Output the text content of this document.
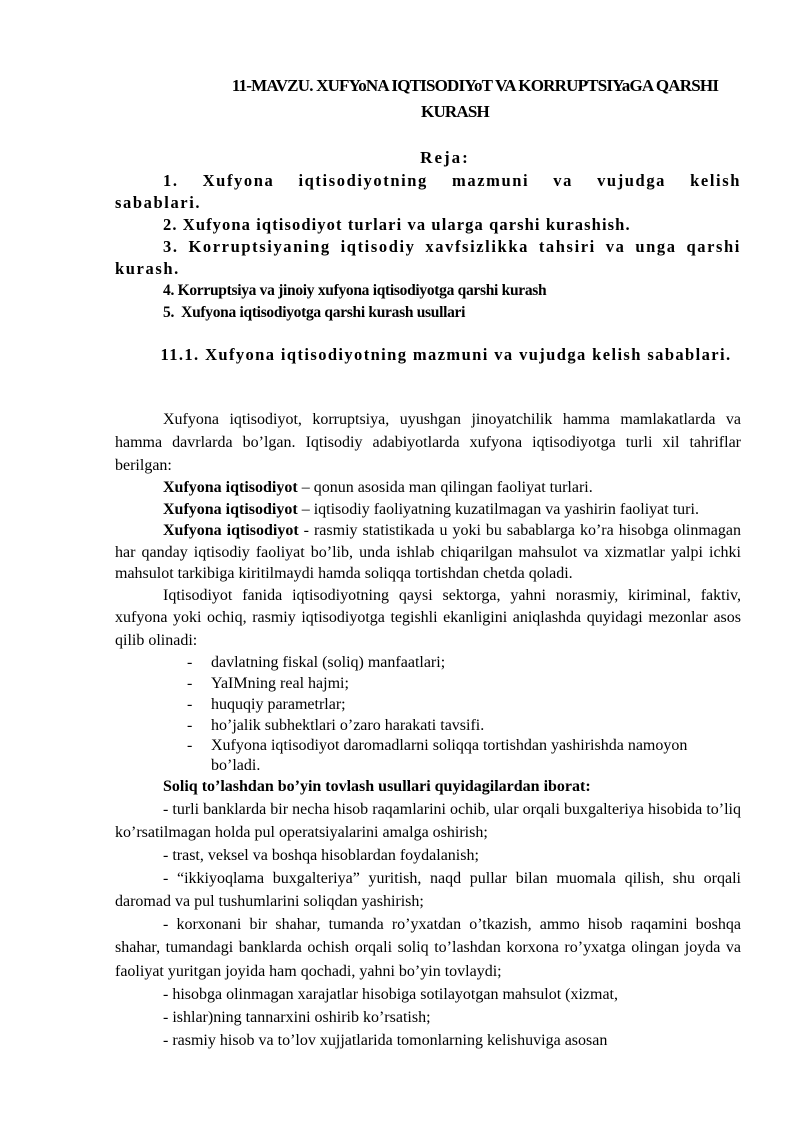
11-MAVZU. XUFYoNA IQTISODIYoT VA KORRUPTSIYaGA QARSHI
KURASH
Reja:
1. Xufyona iqtisodiyotning mazmuni va vujudga kelish sabablari.
2. Xufyona iqtisodiyot turlari va ularga qarshi kurashish.
3. Korruptsiyaning iqtisodiy xavfsizlikka tahsiri va unga qarshi kurash.
4. Korruptsiya va jinoiy xufyona iqtisodiyotga qarshi kurash
5.  Xufyona iqtisodiyotga qarshi kurash usullari
11.1. Xufyona iqtisodiyotning mazmuni va vujudga kelish sabablari.

Xufyona iqtisodiyot, korruptsiya, uyushgan jinoyatchilik hamma mamlakatlarda va hamma davrlarda bo’lgan. Iqtisodiy adabiyotlarda xufyona iqtisodiyotga turli xil tahriflar berilgan:

Xufyona iqtisodiyot – qonun asosida man qilingan faoliyat turlari.

Xufyona iqtisodiyot – iqtisodiy faoliyatning kuzatilmagan va yashirin faoliyat turi.

Xufyona iqtisodiyot - rasmiy statistikada u yoki bu sabablarga ko’ra hisobga olinmagan har qanday iqtisodiy faoliyat bo’lib, unda ishlab chiqarilgan mahsulot va xizmatlar yalpi ichki mahsulot tarkibiga kiritilmaydi hamda soliqqa tortishdan chetda qoladi.

Iqtisodiyot fanida iqtisodiyotning qaysi sektorga, yahni norasmiy, kiriminal, faktiv, xufyona yoki ochiq, rasmiy iqtisodiyotga tegishli ekanligini aniqlashda quyidagi mezonlar asos qilib olinadi:

- davlatning fiskal (soliq) manfaatlari;
- YaIMning real hajmi;
- huquqiy parametrlar;
- ho’jalik subhektlari o’zaro harakati tavsifi.
- Xufyona iqtisodiyot daromadlarni soliqqa tortishdan yashirishda namoyon bo’ladi.

Soliq to’lashdan bo’yin tovlash usullari quyidagilardan iborat:

- turli banklarda bir necha hisob raqamlarini ochib, ular orqali buxgalteriya hisobida to’liq ko’rsatilmagan holda pul operatsiyalarini amalga oshirish;

- trast, veksel va boshqa hisoblardan foydalanish;

- “ikkiyoqlama buxgalteriya” yuritish, naqd pullar bilan muomala qilish, shu orqali daromad va pul tushumlarini soliqdan yashirish;

- korxonani bir shahar, tumanda ro’yxatdan o’tkazish, ammo hisob raqamini boshqa shahar, tumandagi banklarda ochish orqali soliq to’lashdan korxona ro’yxatga olingan joyda va faoliyat yuritgan joyida ham qochadi, yahni bo’yin tovlaydi;

- hisobga olinmagan xarajatlar hisobiga sotilayotgan mahsulot (xizmat,

- ishlar)ning tannarxini oshirib ko’rsatish;

- rasmiy hisob va to’lov xujjatlarida tomonlarning kelishuviga asosan
